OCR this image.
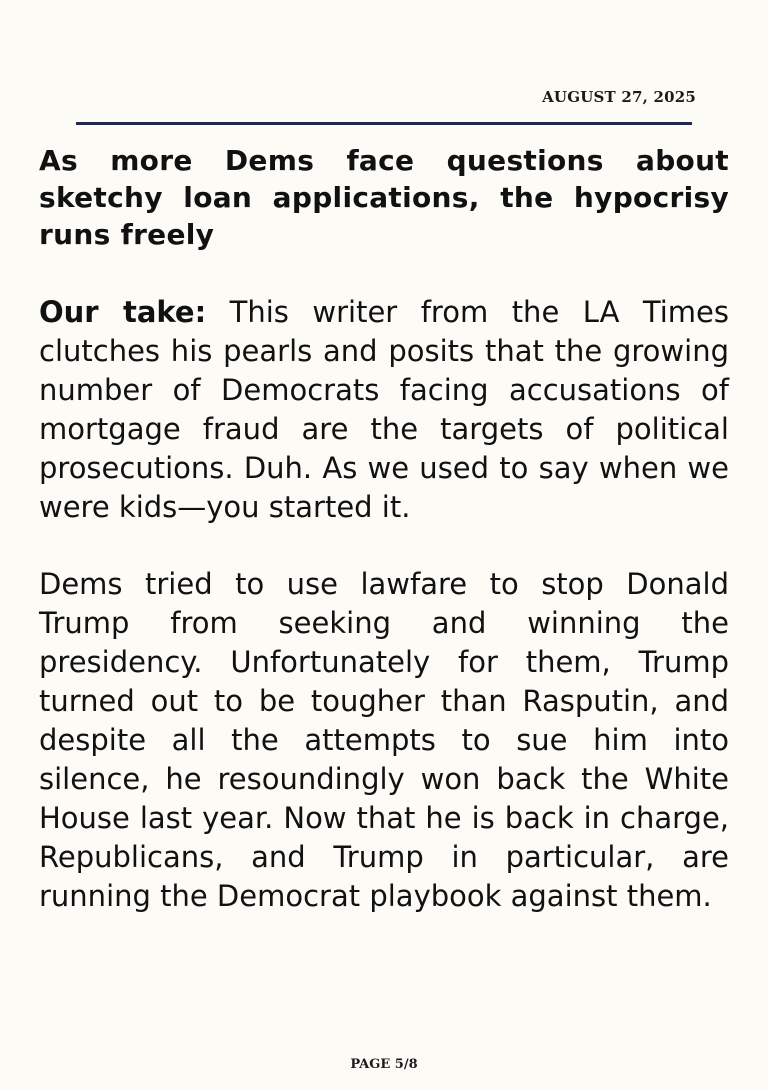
AUGUST 27, 2025
As more Dems face questions about sketchy loan applications, the hypocrisy runs freely

Our take: This writer from the LA Times clutches his pearls and posits that the growing number of Democrats facing accusations of mortgage fraud are the targets of political prosecutions. Duh. As we used to say when we were kids—you started it.

Dems tried to use lawfare to stop Donald Trump from seeking and winning the presidency. Unfortunately for them, Trump turned out to be tougher than Rasputin, and despite all the attempts to sue him into silence, he resoundingly won back the White House last year. Now that he is back in charge, Republicans, and Trump in particular, are running the Democrat playbook against them.

PAGE 5/8
